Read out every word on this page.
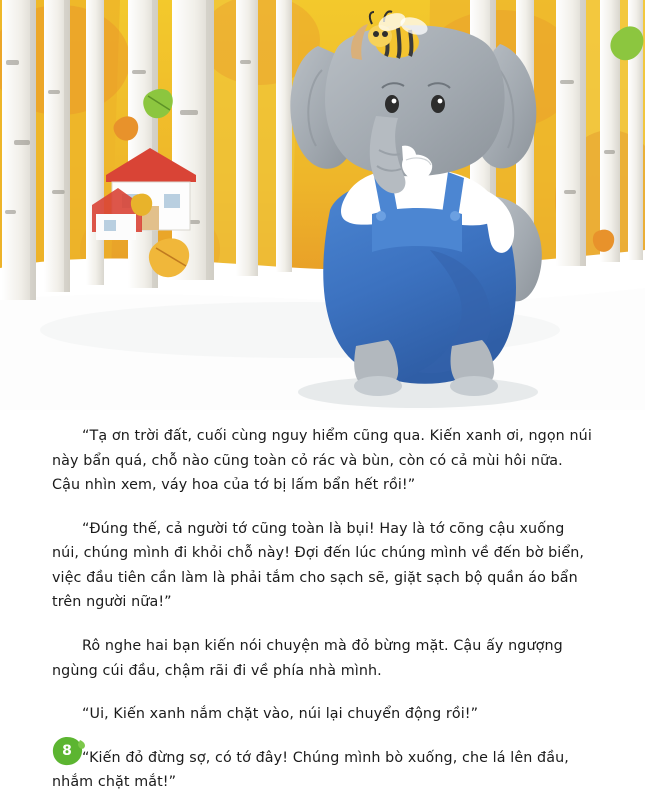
“Tạ ơn trời đất, cuối cùng nguy hiểm cũng qua. Kiến xanh ơi, ngọn núi này bẩn quá, chỗ nào cũng toàn cỏ rác và bùn, còn có cả mùi hôi nữa. Cậu nhìn xem, váy hoa của tớ bị lấm bẩn hết rồi!”

“Đúng thế, cả người tớ cũng toàn là bụi! Hay là tớ cõng cậu xuống núi, chúng mình đi khỏi chỗ này! Đợi đến lúc chúng mình về đến bờ biển, việc đầu tiên cần làm là phải tắm cho sạch sẽ, giặt sạch bộ quần áo bẩn trên người nữa!”

Rô nghe hai bạn kiến nói chuyện mà đỏ bừng mặt. Cậu ấy ngượng ngùng cúi đầu, chậm rãi đi về phía nhà mình.

“Ui, Kiến xanh nắm chặt vào, núi lại chuyển động rồi!”

“Kiến đỏ đừng sợ, có tớ đây! Chúng mình bò xuống, che lá lên đầu, nhắm chặt mắt!”

8
